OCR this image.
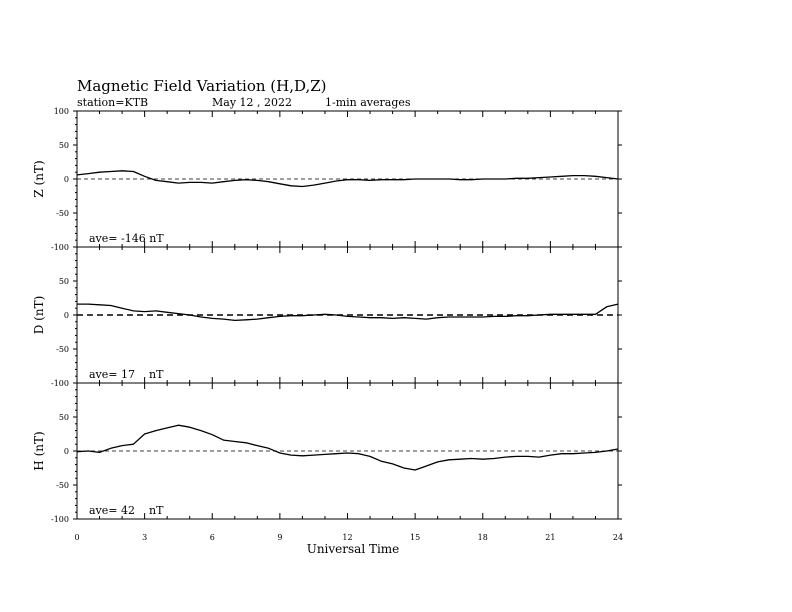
Magnetic Field Variation (H,D,Z)
station=KTB	May 12 , 2022	1-min averages
100
50
0
-50
-100
Z (nT)
ave= -146 nT
50
0
-50
-100
D (nT)
ave= 17    nT
50
0
-50
-100
H (nT)
ave= 42    nT
0	3	6	9	12	15	18	21	24
Universal Time
